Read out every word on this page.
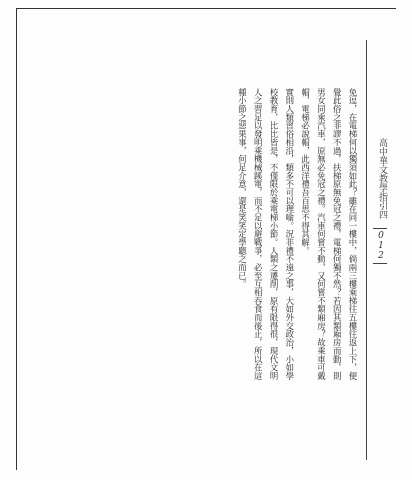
高中華文教學指引四
012

免逗，在電梯何以獨須如此？雖在同一樓中，倘兩三樓乘梯往五樓往返上下，便覺此俗之非謬不過，扶梯原無免冠之禮，電梯何獨不然？若因其類廂房而動，則男女同乘汽車，原無必免冠之禮。汽車何嘗不動，又何嘗不類廂房？故乘車可戴帽，電梯必說帽，此西洋禮吾百思不得其解。

實則人類習俗相沿，類多不可以理喻。況非禮不遠之事，大如外交政治，小如學校教育，比比皆是，不僅限於乘電梯小節。人類之遷削，原有限得很，現代文明人之習足以發明乘機械蹊電，而不足以避戰爭，必至互相吞食而後止，所以在這種小節之惡果事，何足介意，還是笑笑定學聽之而已。
